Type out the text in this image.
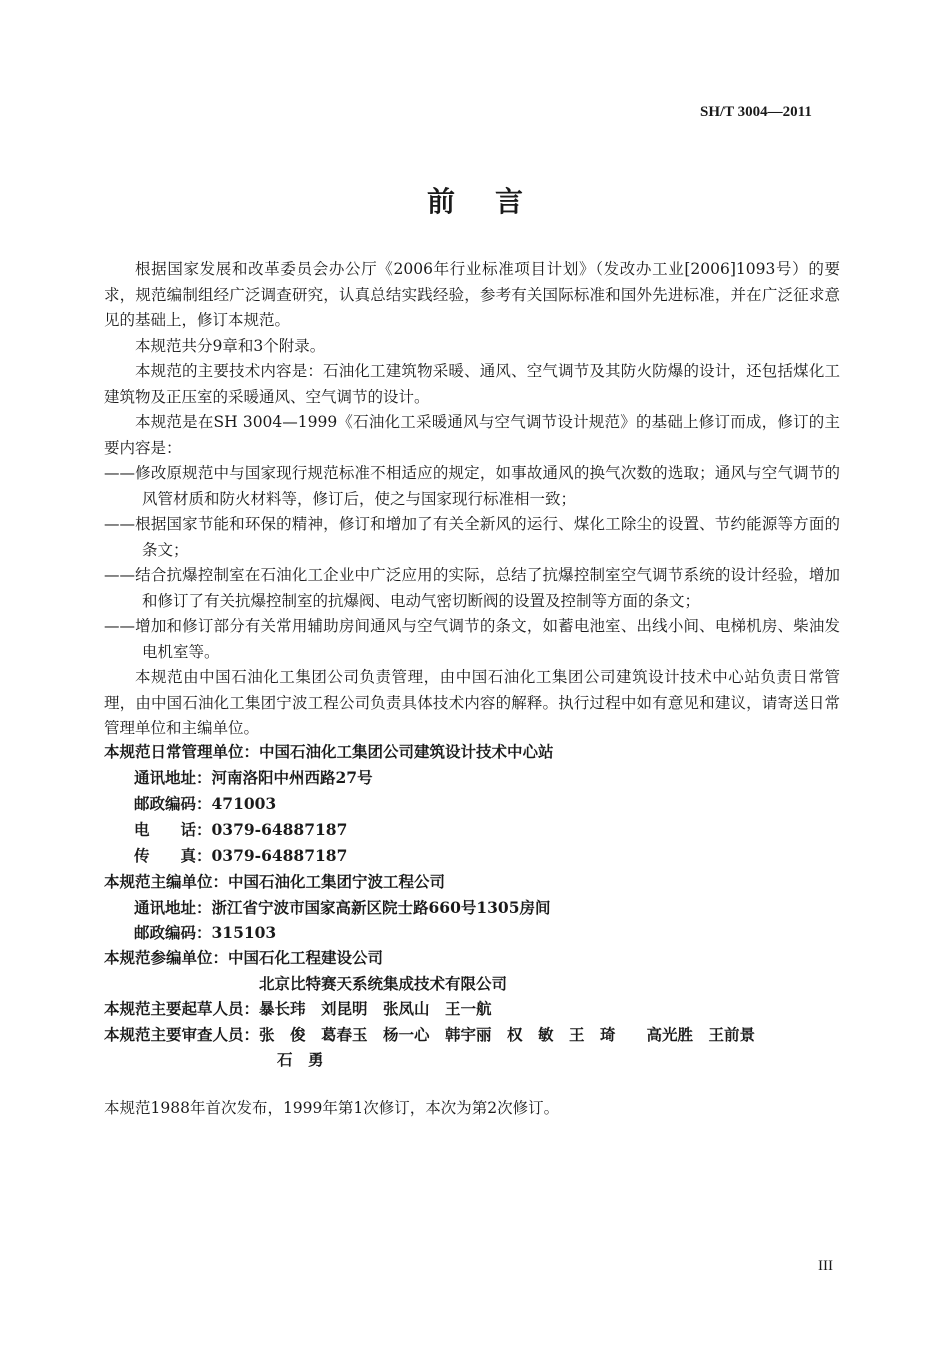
SH/T 3004—2011
前言

根据国家发展和改革委员会办公厅《2006年行业标准项目计划》（发改办工业[2006]1093号）的要求，规范编制组经广泛调查研究，认真总结实践经验，参考有关国际标准和国外先进标准，并在广泛征求意见的基础上，修订本规范。

本规范共分9章和3个附录。

本规范的主要技术内容是：石油化工建筑物采暖、通风、空气调节及其防火防爆的设计，还包括煤化工建筑物及正压室的采暖通风、空气调节的设计。

本规范是在SH 3004—1999《石油化工采暖通风与空气调节设计规范》的基础上修订而成，修订的主要内容是：

——修改原规范中与国家现行规范标准不相适应的规定，如事故通风的换气次数的选取；通风与空气调节的风管材质和防火材料等，修订后，使之与国家现行标准相一致；

——根据国家节能和环保的精神，修订和增加了有关全新风的运行、煤化工除尘的设置、节约能源等方面的条文；

——结合抗爆控制室在石油化工企业中广泛应用的实际，总结了抗爆控制室空气调节系统的设计经验，增加和修订了有关抗爆控制室的抗爆阀、电动气密切断阀的设置及控制等方面的条文；

——增加和修订部分有关常用辅助房间通风与空气调节的条文，如蓄电池室、出线小间、电梯机房、柴油发电机室等。

本规范由中国石油化工集团公司负责管理，由中国石油化工集团公司建筑设计技术中心站负责日常管理，由中国石油化工集团宁波工程公司负责具体技术内容的解释。执行过程中如有意见和建议，请寄送日常管理单位和主编单位。

本规范日常管理单位：中国石油化工集团公司建筑设计技术中心站
通讯地址：河南洛阳中州西路27号
邮政编码：471003
电　　话：0379-64887187
传　　真：0379-64887187
本规范主编单位：中国石油化工集团宁波工程公司
通讯地址：浙江省宁波市国家高新区院士路660号1305房间
邮政编码：315103
本规范参编单位：中国石化工程建设公司
北京比特赛天系统集成技术有限公司
本规范主要起草人员：暴长玮　刘昆明　张凤山　王一航
本规范主要审查人员：张　俊　葛春玉　杨一心　韩宇丽　权　敏　王　琦　　高光胜　王前景
石　勇
本规范1988年首次发布，1999年第1次修订，本次为第2次修订。
III
